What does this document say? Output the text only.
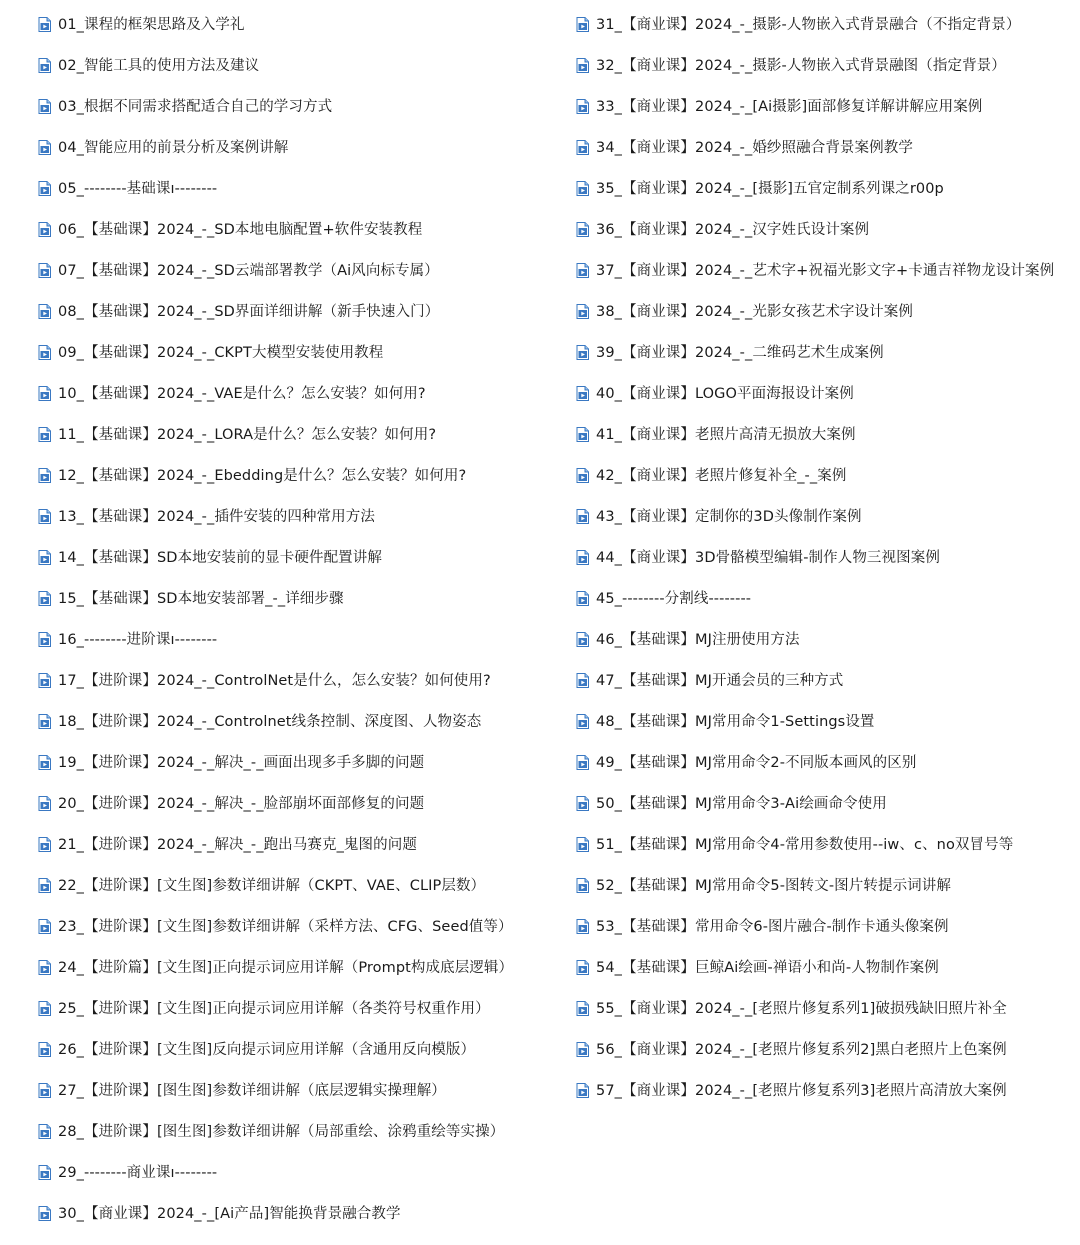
01_课程的框架思路及入学礼
02_智能工具的使用方法及建议
03_根据不同需求搭配适合自己的学习方式
04_智能应用的前景分析及案例讲解
05_--------基础课ı--------
06_【基础课】2024_-_SD本地电脑配置+软件安装教程
07_【基础课】2024_-_SD云端部署教学（Ai风向标专属）
08_【基础课】2024_-_SD界面详细讲解（新手快速入门）
09_【基础课】2024_-_CKPT大模型安装使用教程
10_【基础课】2024_-_VAE是什么？怎么安装？如何用?
11_【基础课】2024_-_LORA是什么？怎么安装？如何用?
12_【基础课】2024_-_Ebedding是什么？怎么安装？如何用?
13_【基础课】2024_-_插件安装的四种常用方法
14_【基础课】SD本地安装前的显卡硬件配置讲解
15_【基础课】SD本地安装部署_-_详细步骤
16_--------进阶课ı--------
17_【进阶课】2024_-_ControlNet是什么，怎么安装？如何使用?
18_【进阶课】2024_-_Controlnet线条控制、深度图、人物姿态
19_【进阶课】2024_-_解决_-_画面出现多手多脚的问题
20_【进阶课】2024_-_解决_-_脸部崩坏面部修复的问题
21_【进阶课】2024_-_解决_-_跑出马赛克_鬼图的问题
22_【进阶课】[文生图]参数详细讲解（CKPT、VAE、CLIP层数）
23_【进阶课】[文生图]参数详细讲解（采样方法、CFG、Seed值等）
24_【进阶篇】[文生图]正向提示词应用详解（Prompt构成底层逻辑）
25_【进阶课】[文生图]正向提示词应用详解（各类符号权重作用）
26_【进阶课】[文生图]反向提示词应用详解（含通用反向模版）
27_【进阶课】[图生图]参数详细讲解（底层逻辑实操理解）
28_【进阶课】[图生图]参数详细讲解（局部重绘、涂鸦重绘等实操）
29_--------商业课ı--------
30_【商业课】2024_-_[Ai产品]智能换背景融合教学
31_【商业课】2024_-_摄影-人物嵌入式背景融合（不指定背景）
32_【商业课】2024_-_摄影-人物嵌入式背景融图（指定背景）
33_【商业课】2024_-_[Ai摄影]面部修复详解讲解应用案例
34_【商业课】2024_-_婚纱照融合背景案例教学
35_【商业课】2024_-_[摄影]五官定制系列课之r00p
36_【商业课】2024_-_汉字姓氏设计案例
37_【商业课】2024_-_艺术字+祝福光影文字+卡通吉祥物龙设计案例
38_【商业课】2024_-_光影女孩艺术字设计案例
39_【商业课】2024_-_二维码艺术生成案例
40_【商业课】LOGO平面海报设计案例
41_【商业课】老照片高清无损放大案例
42_【商业课】老照片修复补全_-_案例
43_【商业课】定制你的3D头像制作案例
44_【商业课】3D骨骼模型编辑-制作人物三视图案例
45_--------分割线--------
46_【基础课】MJ注册使用方法
47_【基础课】MJ开通会员的三种方式
48_【基础课】MJ常用命令1-Settings设置
49_【基础课】MJ常用命令2-不同版本画风的区别
50_【基础课】MJ常用命令3-Ai绘画命令使用
51_【基础课】MJ常用命令4-常用参数使用--iw、c、no双冒号等
52_【基础课】MJ常用命令5-图转文-图片转提示词讲解
53_【基础课】常用命令6-图片融合-制作卡通头像案例
54_【基础课】巨鲸Ai绘画-禅语小和尚-人物制作案例
55_【商业课】2024_-_[老照片修复系列1]破损残缺旧照片补全
56_【商业课】2024_-_[老照片修复系列2]黑白老照片上色案例
57_【商业课】2024_-_[老照片修复系列3]老照片高清放大案例
